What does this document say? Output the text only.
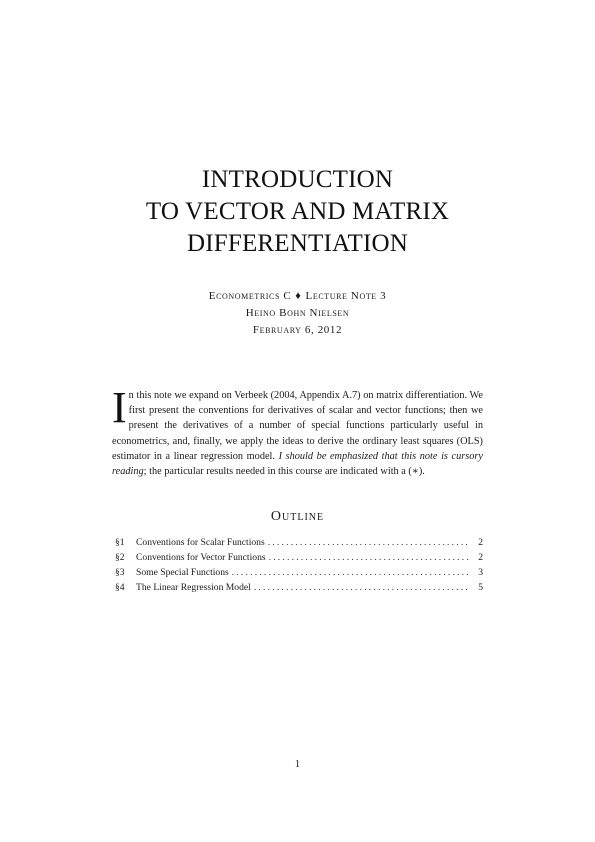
INTRODUCTION
TO VECTOR AND MATRIX
DIFFERENTIATION
Econometrics C ♦ Lecture Note 3
Heino Bohn Nielsen
February 6, 2012
In this note we expand on Verbeek (2004, Appendix A.7) on matrix differentiation. We first present the conventions for derivatives of scalar and vector functions; then we present the derivatives of a number of special functions particularly useful in econometrics, and, finally, we apply the ideas to derive the ordinary least squares (OLS) estimator in a linear regression model. I should be emphasized that this note is cursory reading; the particular results needed in this course are indicated with a (∗).
Outline
§1	Conventions for Scalar Functions .....	2
§2	Conventions for Vector Functions .....	2
§3	Some Special Functions .....	3
§4	The Linear Regression Model .....	5
1
